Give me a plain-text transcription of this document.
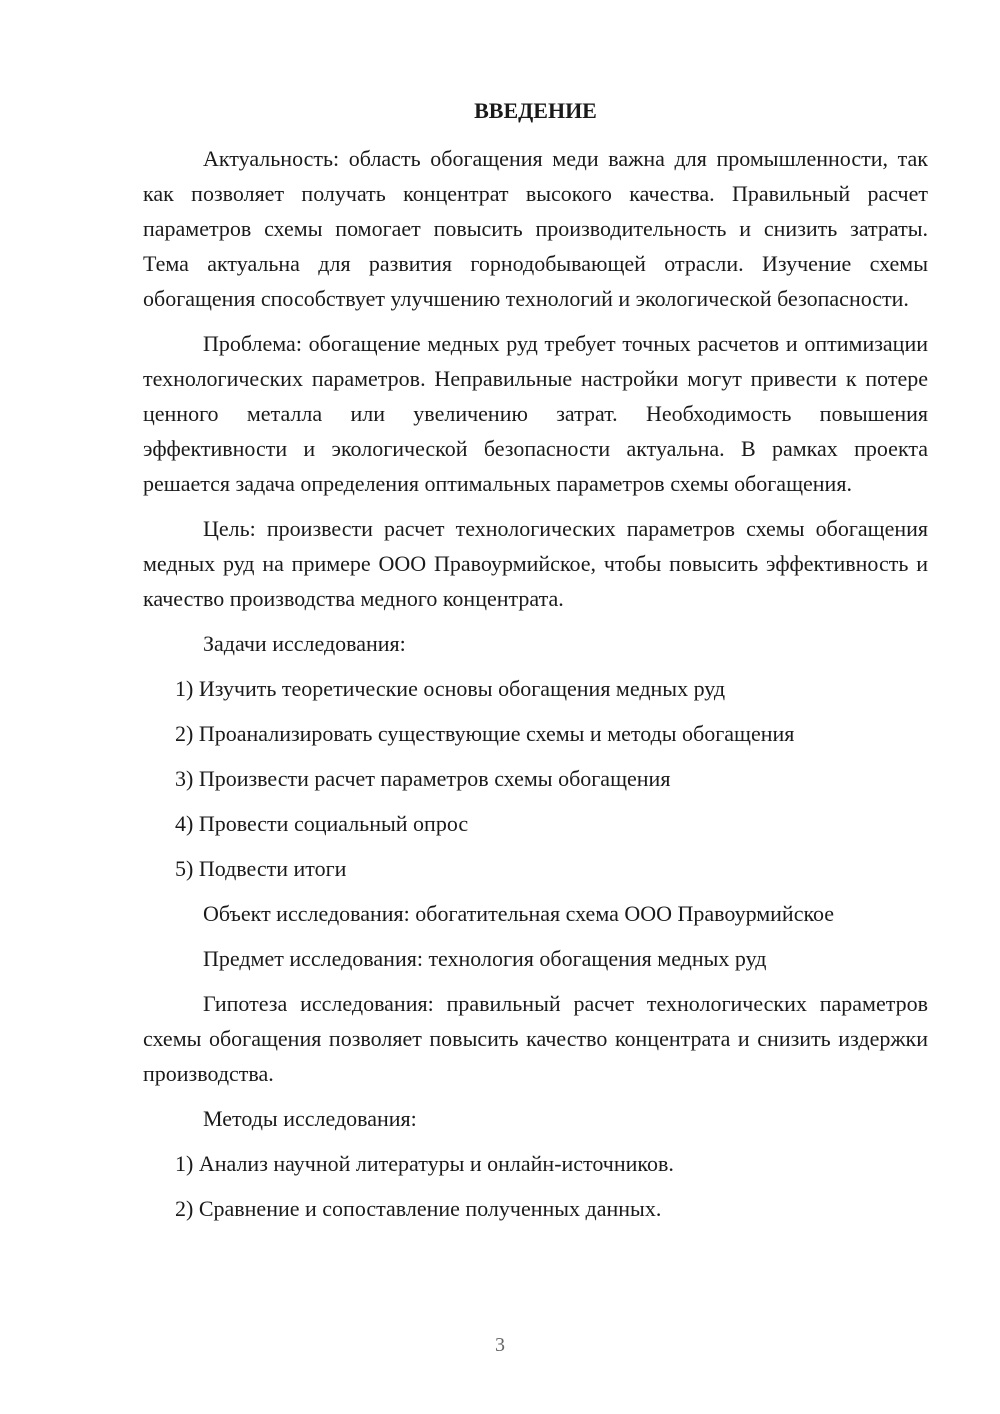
ВВЕДЕНИЕ

Актуальность: область обогащения меди важна для промышленности, так как позволяет получать концентрат высокого качества. Правильный расчет параметров схемы помогает повысить производительность и снизить затраты. Тема актуальна для развития горнодобывающей отрасли. Изучение схемы обогащения способствует улучшению технологий и экологической безопасности.

Проблема: обогащение медных руд требует точных расчетов и оптимизации технологических параметров. Неправильные настройки могут привести к потере ценного металла или увеличению затрат. Необходимость повышения эффективности и экологической безопасности актуальна. В рамках проекта решается задача определения оптимальных параметров схемы обогащения.

Цель: произвести расчет технологических параметров схемы обогащения медных руд на примере ООО Правоурмийское, чтобы повысить эффективность и качество производства медного концентрата.

Задачи исследования:

1) Изучить теоретические основы обогащения медных руд

2) Проанализировать существующие схемы и методы обогащения

3) Произвести расчет параметров схемы обогащения

4) Провести социальный опрос

5) Подвести итоги

Объект исследования: обогатительная схема ООО Правоурмийское

Предмет исследования: технология обогащения медных руд

Гипотеза исследования: правильный расчет технологических параметров схемы обогащения позволяет повысить качество концентрата и снизить издержки производства.

Методы исследования:

1) Анализ научной литературы и онлайн-источников.

2) Сравнение и сопоставление полученных данных.

3
